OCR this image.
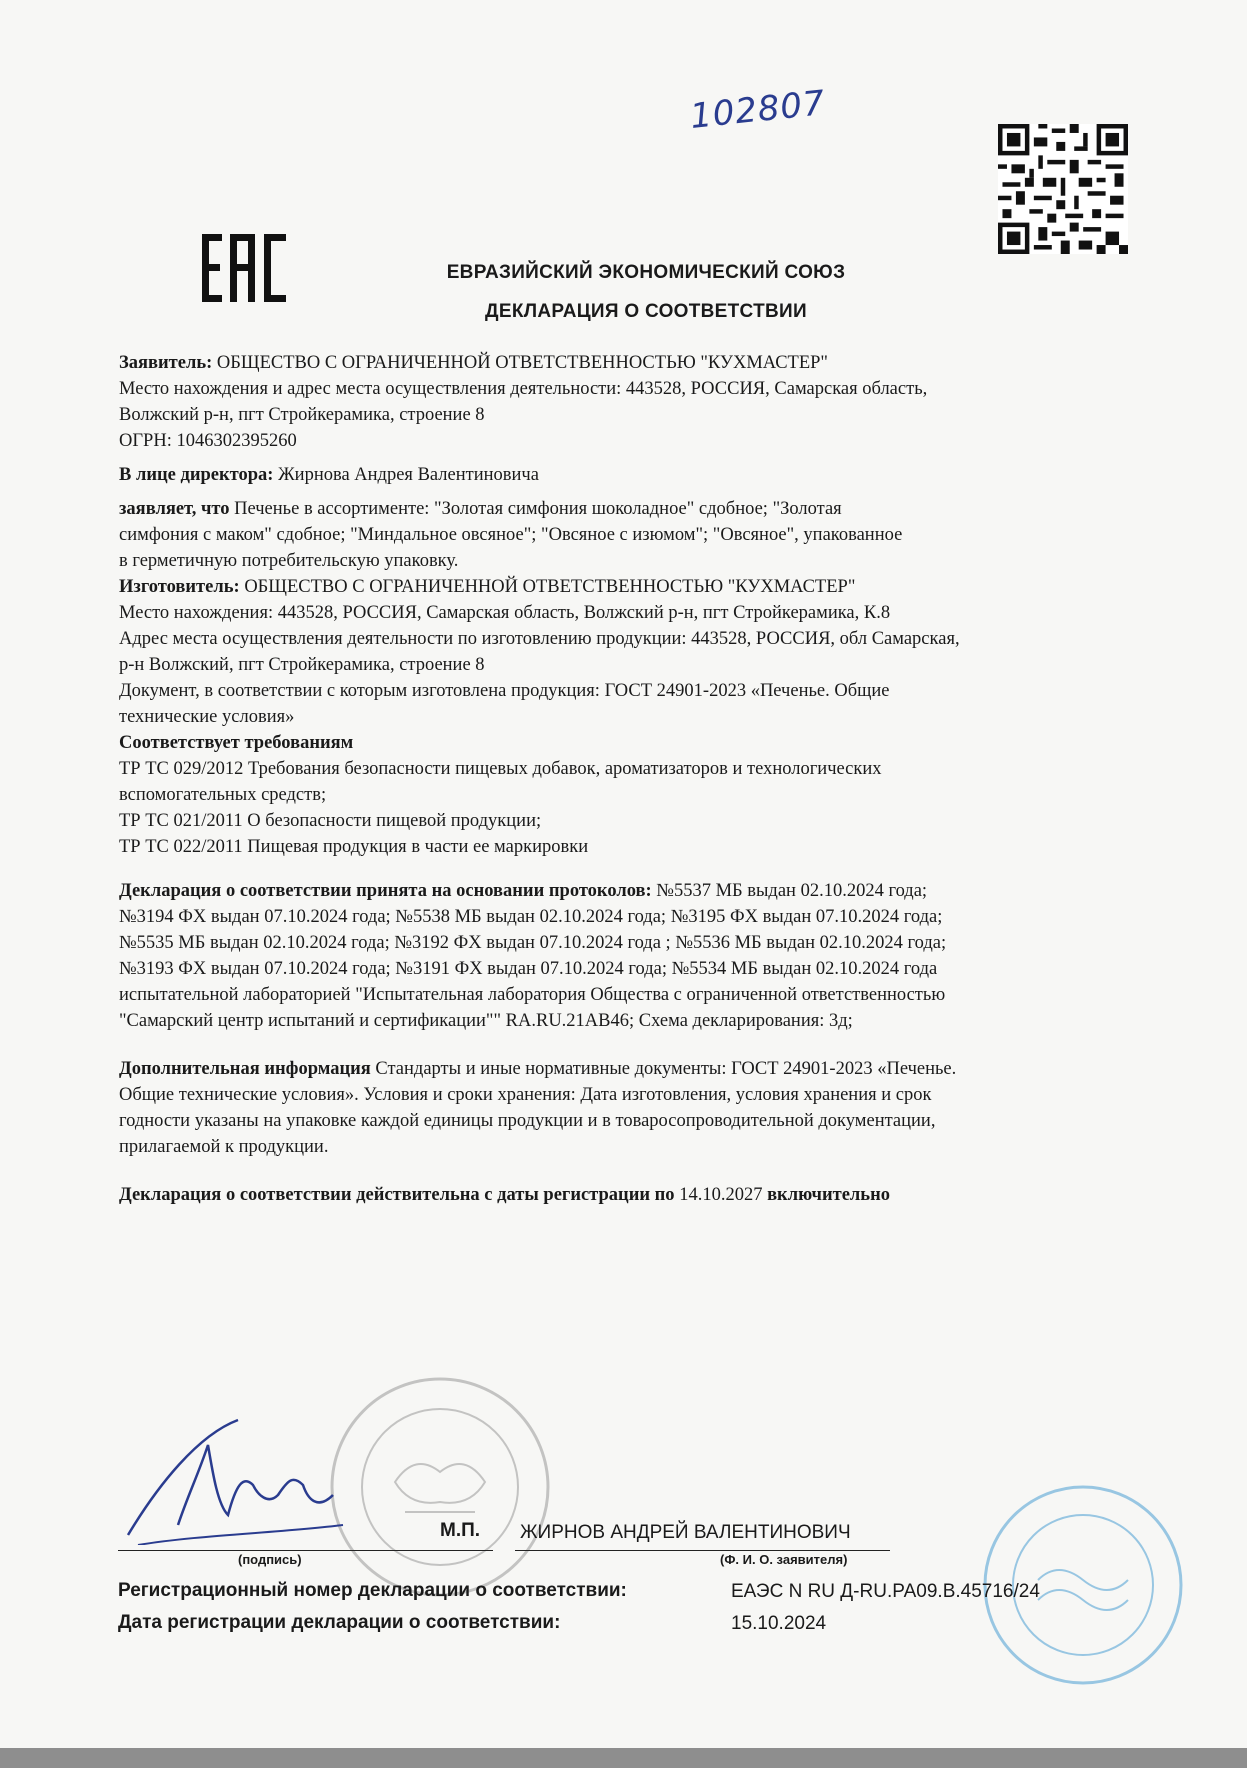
102807
ЕВРАЗИЙСКИЙ ЭКОНОМИЧЕСКИЙ СОЮЗ
ДЕКЛАРАЦИЯ О СООТВЕТСТВИИ

Заявитель: ОБЩЕСТВО С ОГРАНИЧЕННОЙ ОТВЕТСТВЕННОСТЬЮ "КУХМАСТЕР"

Место нахождения и адрес места осуществления деятельности: 443528, РОССИЯ, Самарская область,

Волжский р-н, пгт Стройкерамика, строение 8

ОГРН: 1046302395260

В лице директора: Жирнова Андрея Валентиновича

заявляет, что Печенье в ассортименте: "Золотая симфония шоколадное" сдобное; "Золотая

симфония с маком" сдобное; "Миндальное овсяное"; "Овсяное с изюмом"; "Овсяное", упакованное

в герметичную потребительскую упаковку.

Изготовитель: ОБЩЕСТВО С ОГРАНИЧЕННОЙ ОТВЕТСТВЕННОСТЬЮ "КУХМАСТЕР"

Место нахождения: 443528, РОССИЯ, Самарская область, Волжский р-н, пгт Стройкерамика, К.8

Адрес места осуществления деятельности по изготовлению продукции: 443528, РОССИЯ, обл Самарская,

р-н Волжский, пгт Стройкерамика, строение 8

Документ, в соответствии с которым изготовлена продукция: ГОСТ 24901-2023 «Печенье. Общие

технические условия»

Соответствует требованиям

ТР ТС 029/2012 Требования безопасности пищевых добавок, ароматизаторов и технологических

вспомогательных средств;

ТР ТС 021/2011 О безопасности пищевой продукции;

ТР ТС 022/2011 Пищевая продукция в части ее маркировки

Декларация о соответствии принята на основании протоколов: №5537 МБ выдан 02.10.2024 года;

№3194 ФХ выдан 07.10.2024 года; №5538 МБ выдан 02.10.2024 года; №3195 ФХ выдан 07.10.2024 года;

№5535 МБ выдан 02.10.2024 года; №3192 ФХ выдан 07.10.2024 года ; №5536 МБ выдан 02.10.2024 года;

№3193 ФХ выдан 07.10.2024 года; №3191 ФХ выдан 07.10.2024 года; №5534 МБ выдан 02.10.2024 года

испытательной лабораторией "Испытательная лаборатория Общества с ограниченной ответственностью

"Самарский центр испытаний и сертификации"" RA.RU.21АВ46; Схема декларирования: 3д;

Дополнительная информация Стандарты и иные нормативные документы: ГОСТ 24901-2023 «Печенье.

Общие технические условия». Условия и сроки хранения: Дата изготовления, условия хранения и срок

годности указаны на упаковке каждой единицы продукции и в товаросопроводительной документации,

прилагаемой к продукции.

Декларация о соответствии действительна с даты регистрации по 14.10.2027 включительно

М.П. ЖИРНОВ АНДРЕЙ ВАЛЕНТИНОВИЧ
(подпись)	(Ф. И. О. заявителя)
Регистрационный номер декларации о соответствии:	ЕАЭС N RU Д-RU.РА09.В.45716/24
Дата регистрации декларации о соответствии:	15.10.2024
